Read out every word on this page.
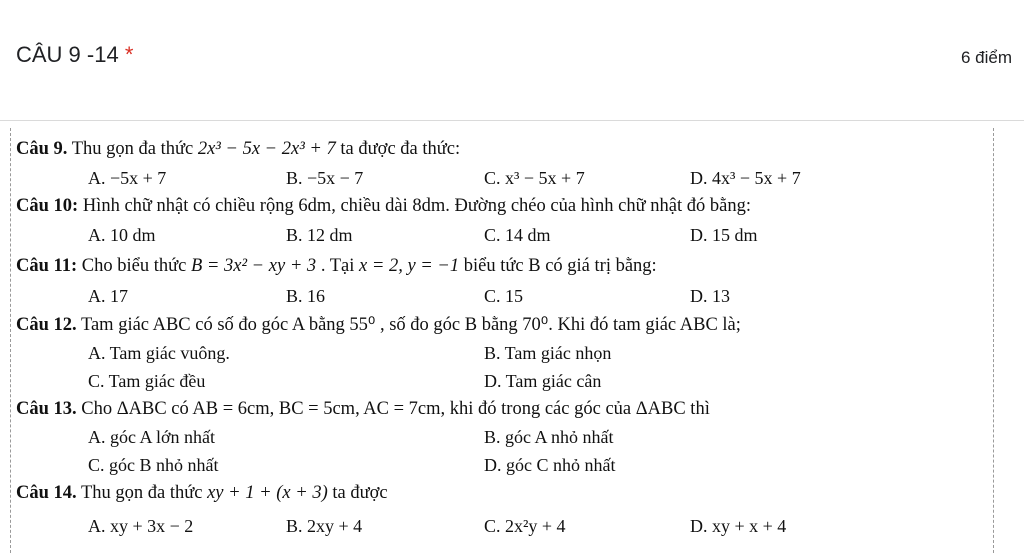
CÂU 9 -14 *	6 điểm
Câu 9. Thu gọn đa thức 2x³ − 5x − 2x³ + 7 ta được đa thức:
A. −5x + 7	B. −5x − 7	C. x³ − 5x + 7	D. 4x³ − 5x + 7
Câu 10: Hình chữ nhật có chiều rộng 6dm, chiều dài 8dm. Đường chéo của hình chữ nhật đó bằng:
A. 10 dm	B. 12 dm	C. 14 dm	D. 15 dm
Câu 11: Cho biểu thức B = 3x² − xy + 3 . Tại x = 2, y = −1 biểu tức B có giá trị bằng:
A. 17	B. 16	C. 15	D. 13
Câu 12. Tam giác ABC có số đo góc A bằng 55⁰ , số đo góc B bằng 70⁰. Khi đó tam giác ABC là;
A. Tam giác vuông.	B. Tam giác nhọn
C. Tam giác đều	D. Tam giác cân
Câu 13. Cho ΔABC có AB = 6cm, BC = 5cm, AC = 7cm, khi đó trong các góc của ΔABC thì
A. góc A lớn nhất	B. góc A nhỏ nhất
C. góc B nhỏ nhất	D. góc C nhỏ nhất
Câu 14. Thu gọn đa thức xy + 1 + (x + 3) ta được
A. xy + 3x − 2	B. 2xy + 4	C. 2x²y + 4	D. xy + x + 4
